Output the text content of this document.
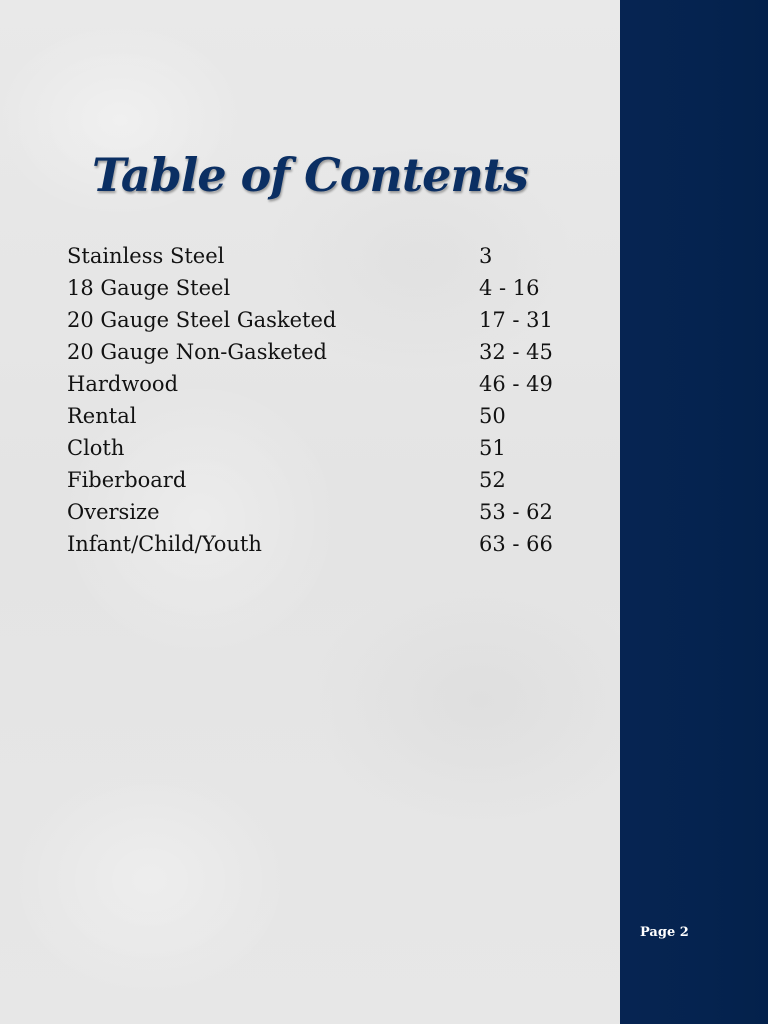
Table of Contents
Stainless Steel	3
18 Gauge Steel	4 - 16
20 Gauge Steel Gasketed	17 - 31
20 Gauge Non-Gasketed	32 - 45
Hardwood	46 - 49
Rental	50
Cloth	51
Fiberboard	52
Oversize	53 - 62
Infant/Child/Youth	63 - 66
Page 2
